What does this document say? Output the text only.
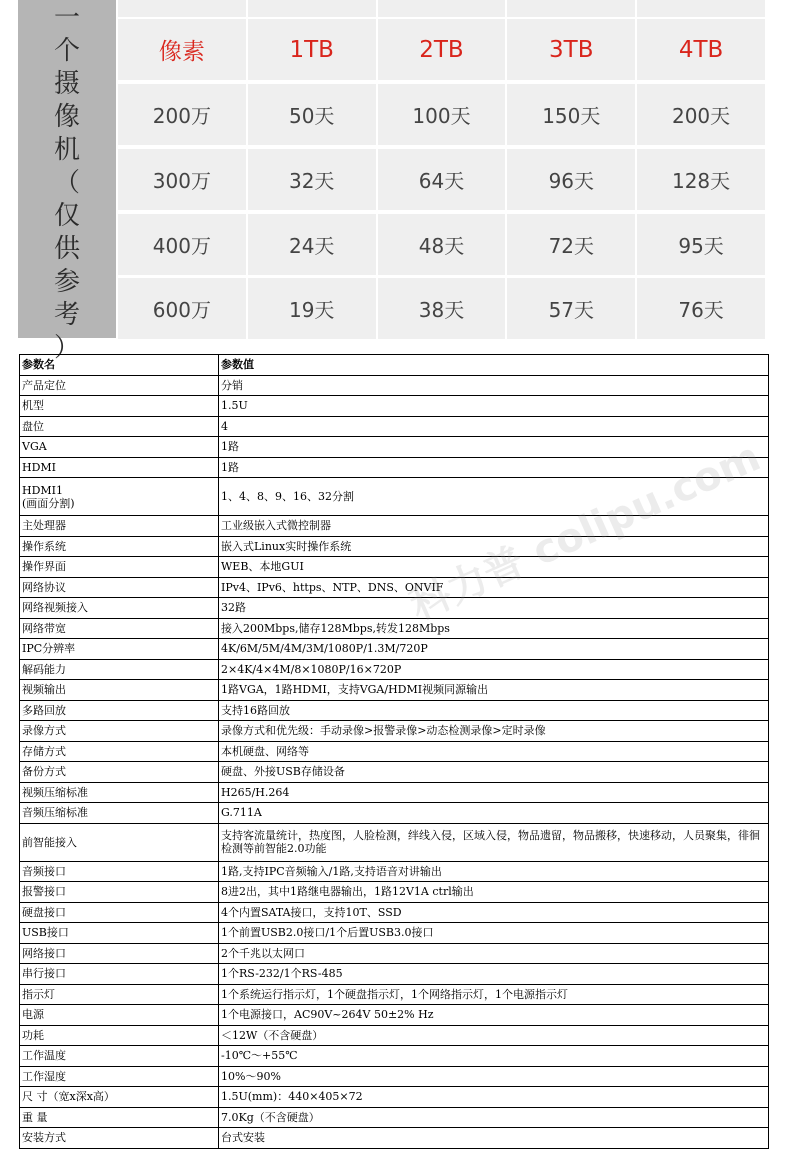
一
个
摄
像
机
（
仅
供
参
考
）
像素	1TB	2TB	3TB	4TB
200万	50天	100天	150天	200天
300万	32天	64天	96天	128天
400万	24天	48天	72天	95天
600万	19天	38天	57天	76天
参数名	参数值
产品定位	分销
机型	1.5U
盘位	4
VGA	1路
HDMI	1路
HDMI1
(画面分割)	1、4、8、9、16、32分割
主处理器	工业级嵌入式微控制器
操作系统	嵌入式Linux实时操作系统
操作界面	WEB、本地GUI
网络协议	IPv4、IPv6、https、NTP、DNS、ONVIF
网络视频接入	32路
网络带宽	接入200Mbps,储存128Mbps,转发128Mbps
IPC分辨率	4K/6M/5M/4M/3M/1080P/1.3M/720P
解码能力	2×4K/4×4M/8×1080P/16×720P
视频输出	1路VGA，1路HDMI，支持VGA/HDMI视频同源输出
多路回放	支持16路回放
录像方式	录像方式和优先级：手动录像>报警录像>动态检测录像>定时录像
存储方式	本机硬盘、网络等
备份方式	硬盘、外接USB存储设备
视频压缩标准	H265/H.264
音频压缩标准	G.711A
前智能接入	支持客流量统计，热度图，人脸检测，绊线入侵，区域入侵，物品遗留，物品搬移，快速移动，人员聚集，徘徊检测等前智能2.0功能
音频接口	1路,支持IPC音频输入/1路,支持语音对讲输出
报警接口	8进2出，其中1路继电器输出，1路12V1A ctrl输出
硬盘接口	4个内置SATA接口，支持10T、SSD
USB接口	1个前置USB2.0接口/1个后置USB3.0接口
网络接口	2个千兆以太网口
串行接口	1个RS-232/1个RS-485
指示灯	1个系统运行指示灯，1个硬盘指示灯，1个网络指示灯，1个电源指示灯
电源	1个电源接口，AC90V~264V 50±2% Hz
功耗	＜12W（不含硬盘）
工作温度	-10℃～+55℃
工作湿度	10%～90%
尺 寸（宽x深x高）	1.5U(mm)：440×405×72
重 量	7.0Kg（不含硬盘）
安装方式	台式安装
科力普 colipu.com
